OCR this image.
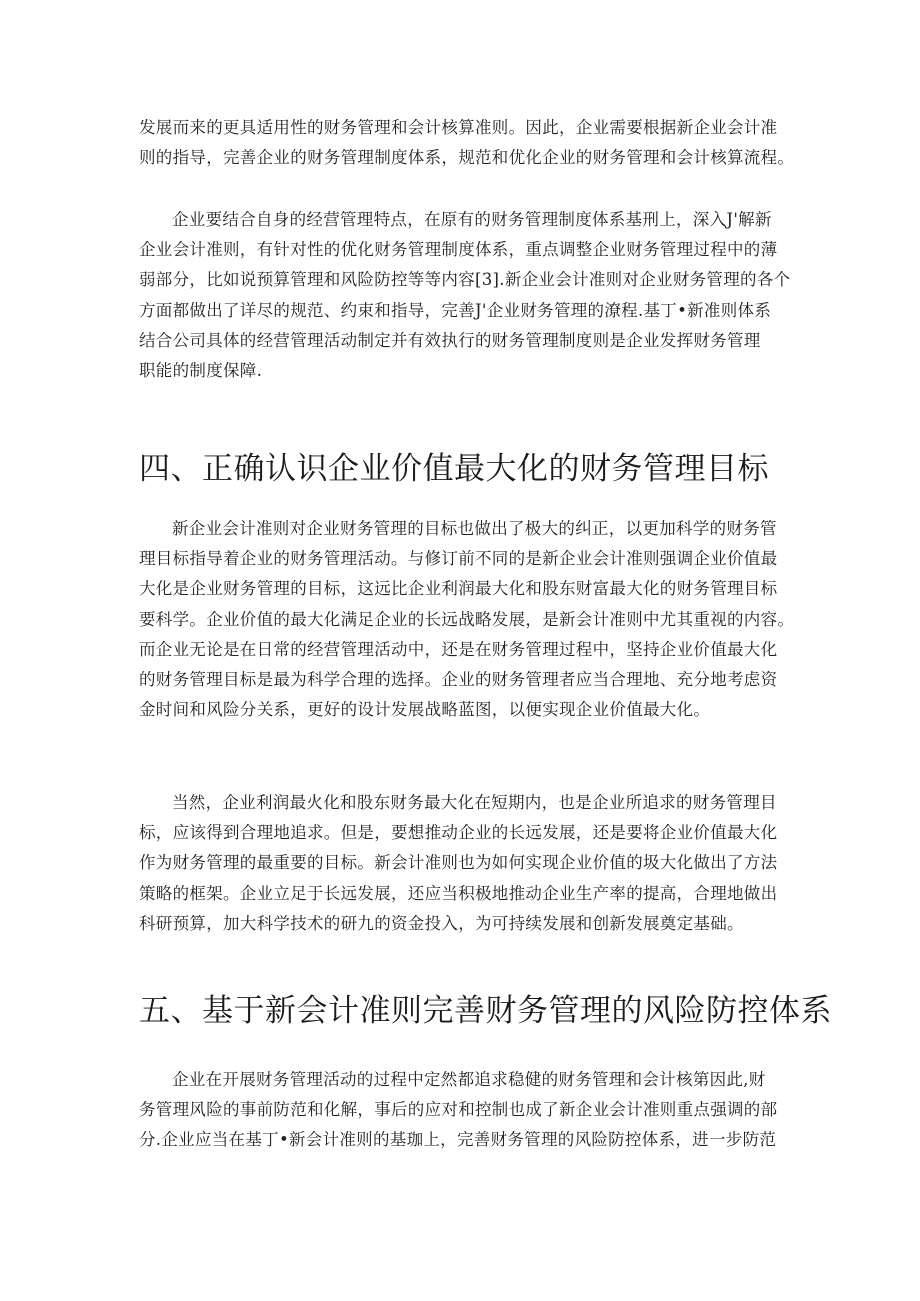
发展而来的更具适用性的财务管理和会计核算准则。因此，企业需要根据新企业会计准
则的指导，完善企业的财务管理制度体系，规范和优化企业的财务管理和会计核算流程。
企业要结合自身的经营管理特点，在原有的财务管理制度体系基刑上，深入J'解新
企业会计准则，有针对性的优化财务管理制度体系，重点调整企业财务管理过程中的薄
弱部分，比如说预算管理和风险防控等等内容[3].新企业会计准则对企业财务管理的各个
方面都做出了详尽的规范、约束和指导，完善J'企业财务管理的潦程.基丁•新准则体系
结合公司具体的经营管理活动制定并有效执行的财务管理制度则是企业发挥财务管理
职能的制度保障.
四、正确认识企业价值最大化的财务管理目标
新企业会计准则对企业财务管理的目标也做出了极大的纠正，以更加科学的财务管
理目标指导着企业的财务管理活动。与修订前不同的是新企业会计准则强调企业价值最
大化是企业财务管理的目标，这远比企业利润最大化和股东财富最大化的财务管理目标
要科学。企业价值的最大化满足企业的长远战略发展，是新会计准则中尤其重视的内容。
而企业无论是在日常的经营管理活动中，还是在财务管理过程中，坚持企业价值最大化
的财务管理目标是最为科学合理的选择。企业的财务管理者应当合理地、充分地考虑资
金时间和风险分关系，更好的设计发展战略蓝图，以便实现企业价值最大化。
当然，企业利润最火化和股东财务最大化在短期内，也是企业所追求的财务管理目
标，应该得到合理地追求。但是，要想推动企业的长远发展，还是要将企业价值最大化
作为财务管理的最重要的目标。新会计准则也为如何实现企业价值的圾大化做出了方法
策略的框架。企业立足于长远发展，还应当积极地推动企业生产率的提高，合理地做出
科研预算，加大科学技术的研九的资金投入，为可持续发展和创新发展奠定基础。
五、基于新会计准则完善财务管理的风险防控体系
企业在开展财务管理活动的过程中定然都追求稳健的财务管理和会计核第因此,财
务管理风险的事前防范和化解，事后的应对和控制也成了新企业会计准则重点强调的部
分.企业应当在基丁•新会计准则的基珈上，完善财务管理的风险防控体系，进一步防范
